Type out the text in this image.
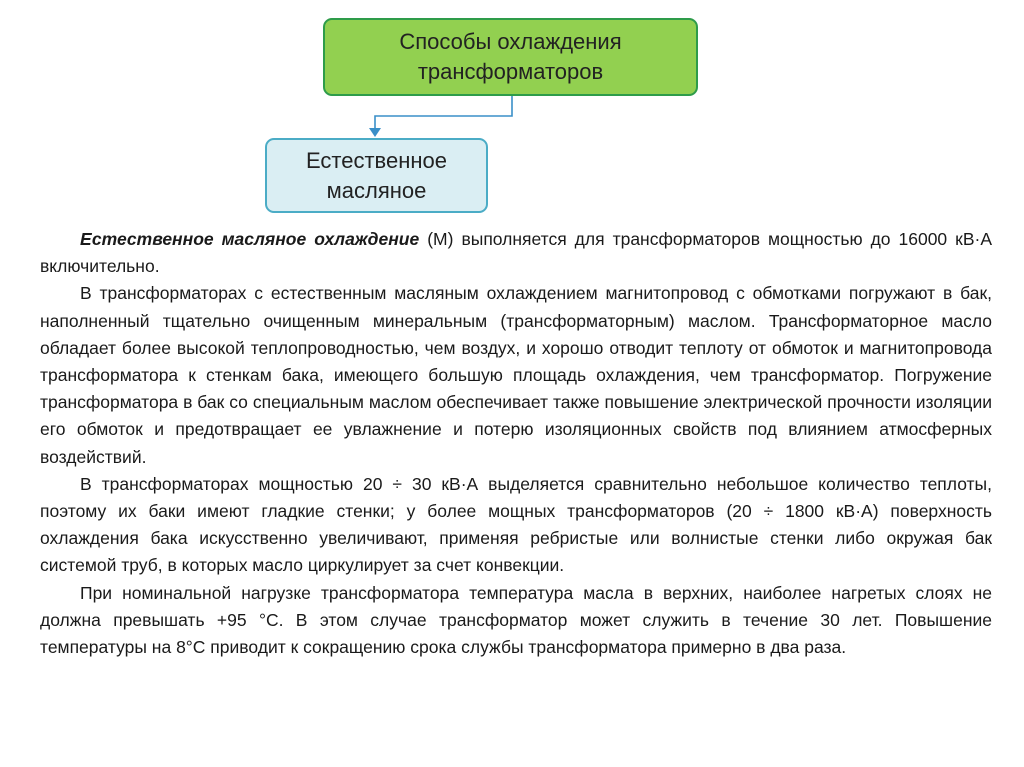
Способы охлаждения
трансформаторов
Естественное
масляное

Естественное масляное охлаждение (М) выполняется для трансформаторов мощностью до 16000 кВ·А включительно.

В трансформаторах с естественным масляным охлаждением магнитопровод с обмотками погружают в бак, наполненный тщательно очищенным минеральным (трансформаторным) маслом. Трансформаторное масло обладает более высокой теплопроводностью, чем воздух, и хорошо отводит теплоту от обмоток и магнитопровода трансформатора к стенкам бака, имеющего большую площадь охлаждения, чем трансформатор. Погружение трансформатора в бак со специальным маслом обеспечивает также повышение электрической прочности изоляции его обмоток и предотвращает ее увлажнение и потерю изоляционных свойств под влиянием атмосферных воздействий.

В трансформаторах мощностью 20 ÷ 30 кВ·А выделяется сравнительно небольшое количество теплоты, поэтому их баки имеют гладкие стенки; у более мощных трансформаторов (20 ÷ 1800 кВ·А) поверхность охлаждения бака искусственно увеличивают, применяя ребристые или волнистые стенки либо окружая бак системой труб, в которых масло циркулирует за счет конвекции.

При номинальной нагрузке трансформатора температура масла в верхних, наиболее нагретых слоях не должна превышать +95 °С. В этом случае трансформатор может служить в течение 30 лет. Повышение температуры на 8°С приводит к сокращению срока службы трансформатора примерно в два раза.
